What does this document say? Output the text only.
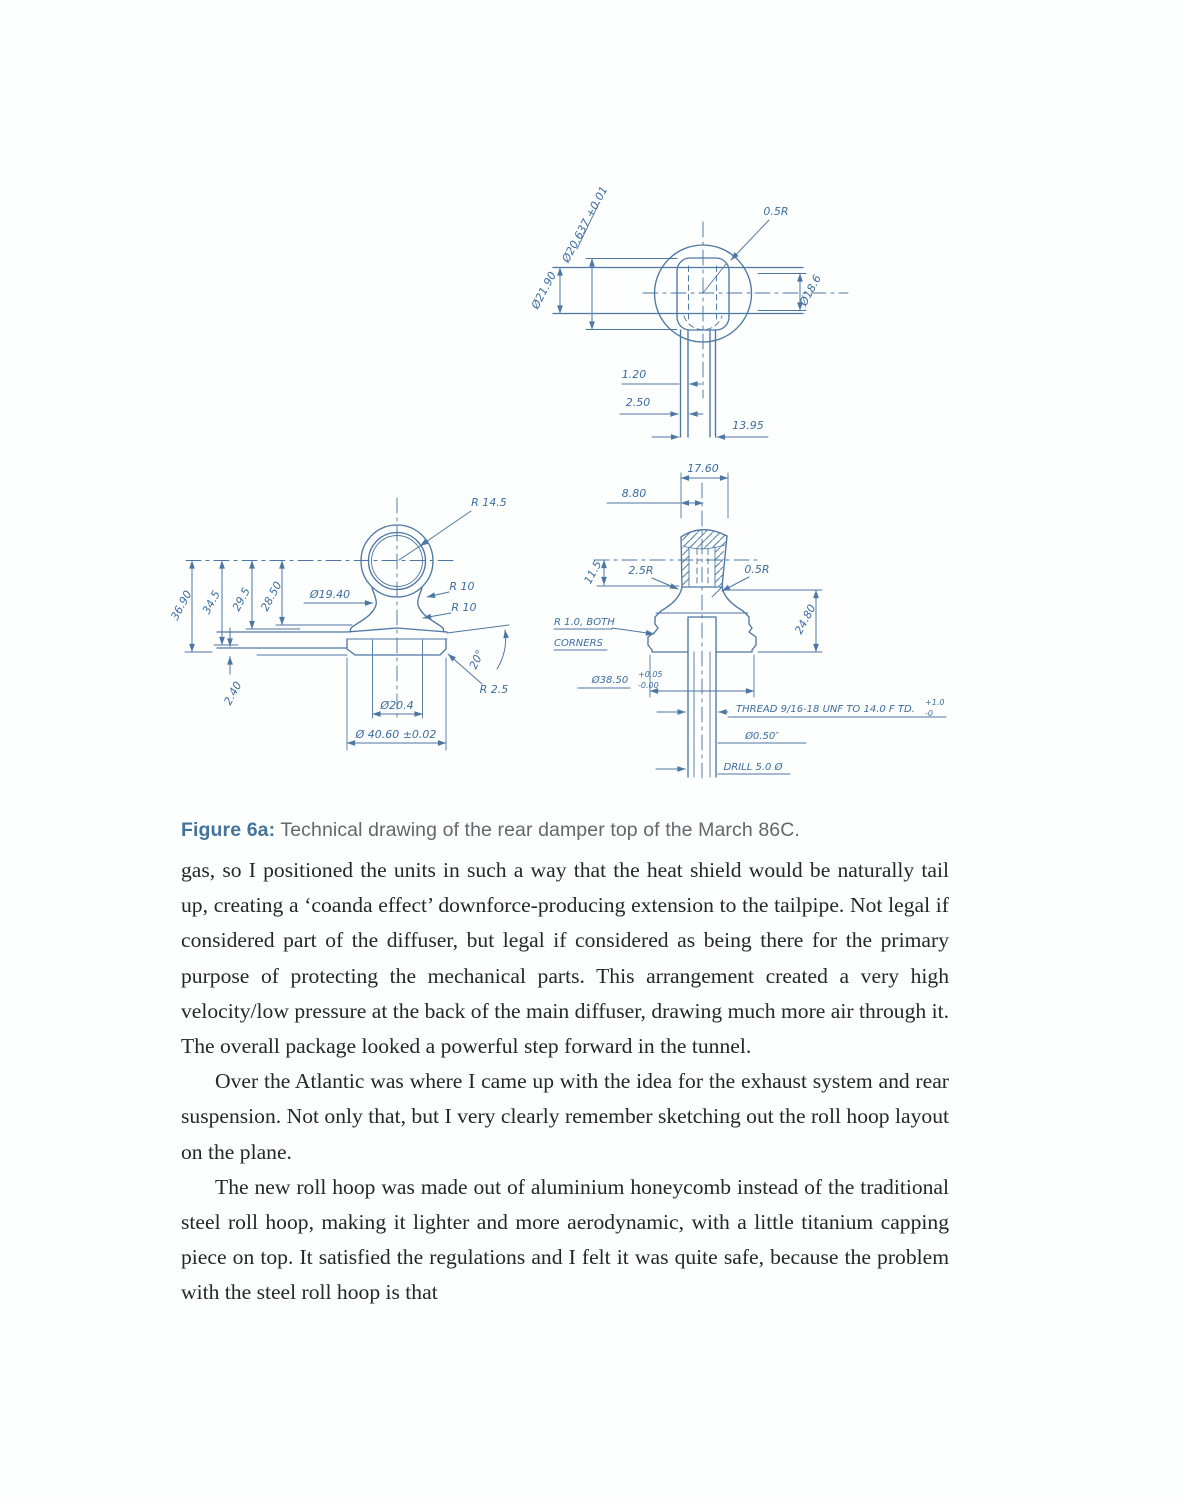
Ø21.90
Ø20.637 +0.01	0.5R
Ø18.6
1.20
2.50
13.95
17.60
8.80
11.5 2.5R	0.5R
R 1.0, BOTH
CORNERS
24.80
Ø38.50
+0.05
-0.00
THREAD 9/16-18 UNF TO 14.0 F TD.
+1.0
-0
Ø0.50″
DRILL 5.0 Ø
R 14.5
36.90 34.5 29.5 28.50
2.40
Ø19.40
R 10
R 10
20°
R 2.5
Ø20.4
Ø 40.60 ±0.02

Figure 6a: Technical drawing of the rear damper top of the March 86C.

gas, so I positioned the units in such a way that the heat shield would be naturally tail up, creating a ‘coanda effect’ downforce-producing extension to the tailpipe. Not legal if considered part of the diffuser, but legal if considered as being there for the primary purpose of protecting the mechanical parts. This arrangement created a very high velocity/low pressure at the back of the main diffuser, drawing much more air through it. The overall package looked a powerful step forward in the tunnel.

Over the Atlantic was where I came up with the idea for the exhaust system and rear suspension. Not only that, but I very clearly remember sketching out the roll hoop layout on the plane.

The new roll hoop was made out of aluminium honeycomb instead of the traditional steel roll hoop, making it lighter and more aerodynamic, with a little titanium capping piece on top. It satisfied the regulations and I felt it was quite safe, because the problem with the steel roll hoop is that
